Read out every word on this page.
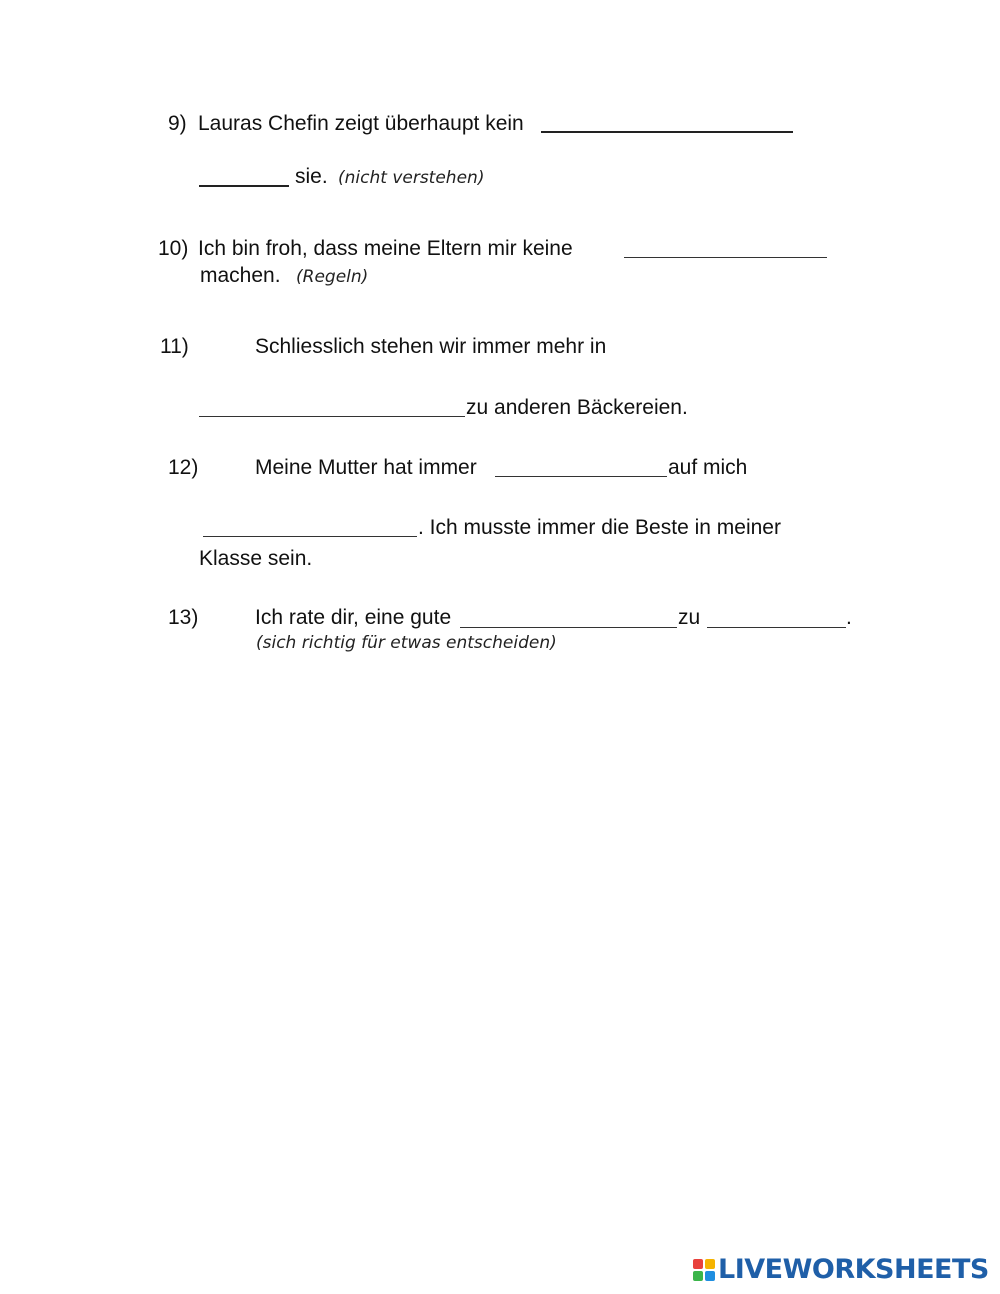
9) Lauras Chefin zeigt überhaupt kein
sie. (nicht verstehen)
10) Ich bin froh, dass meine Eltern mir keine
machen. (Regeln)
11)	Schliesslich stehen wir immer mehr in
zu anderen Bäckereien.
12)	Meine Mutter hat immer	auf mich
. Ich musste immer die Beste in meiner
Klasse sein.
13)	Ich rate dir, eine gute	zu	.
(sich richtig für etwas entscheiden)
LIVEWORKSHEETS
